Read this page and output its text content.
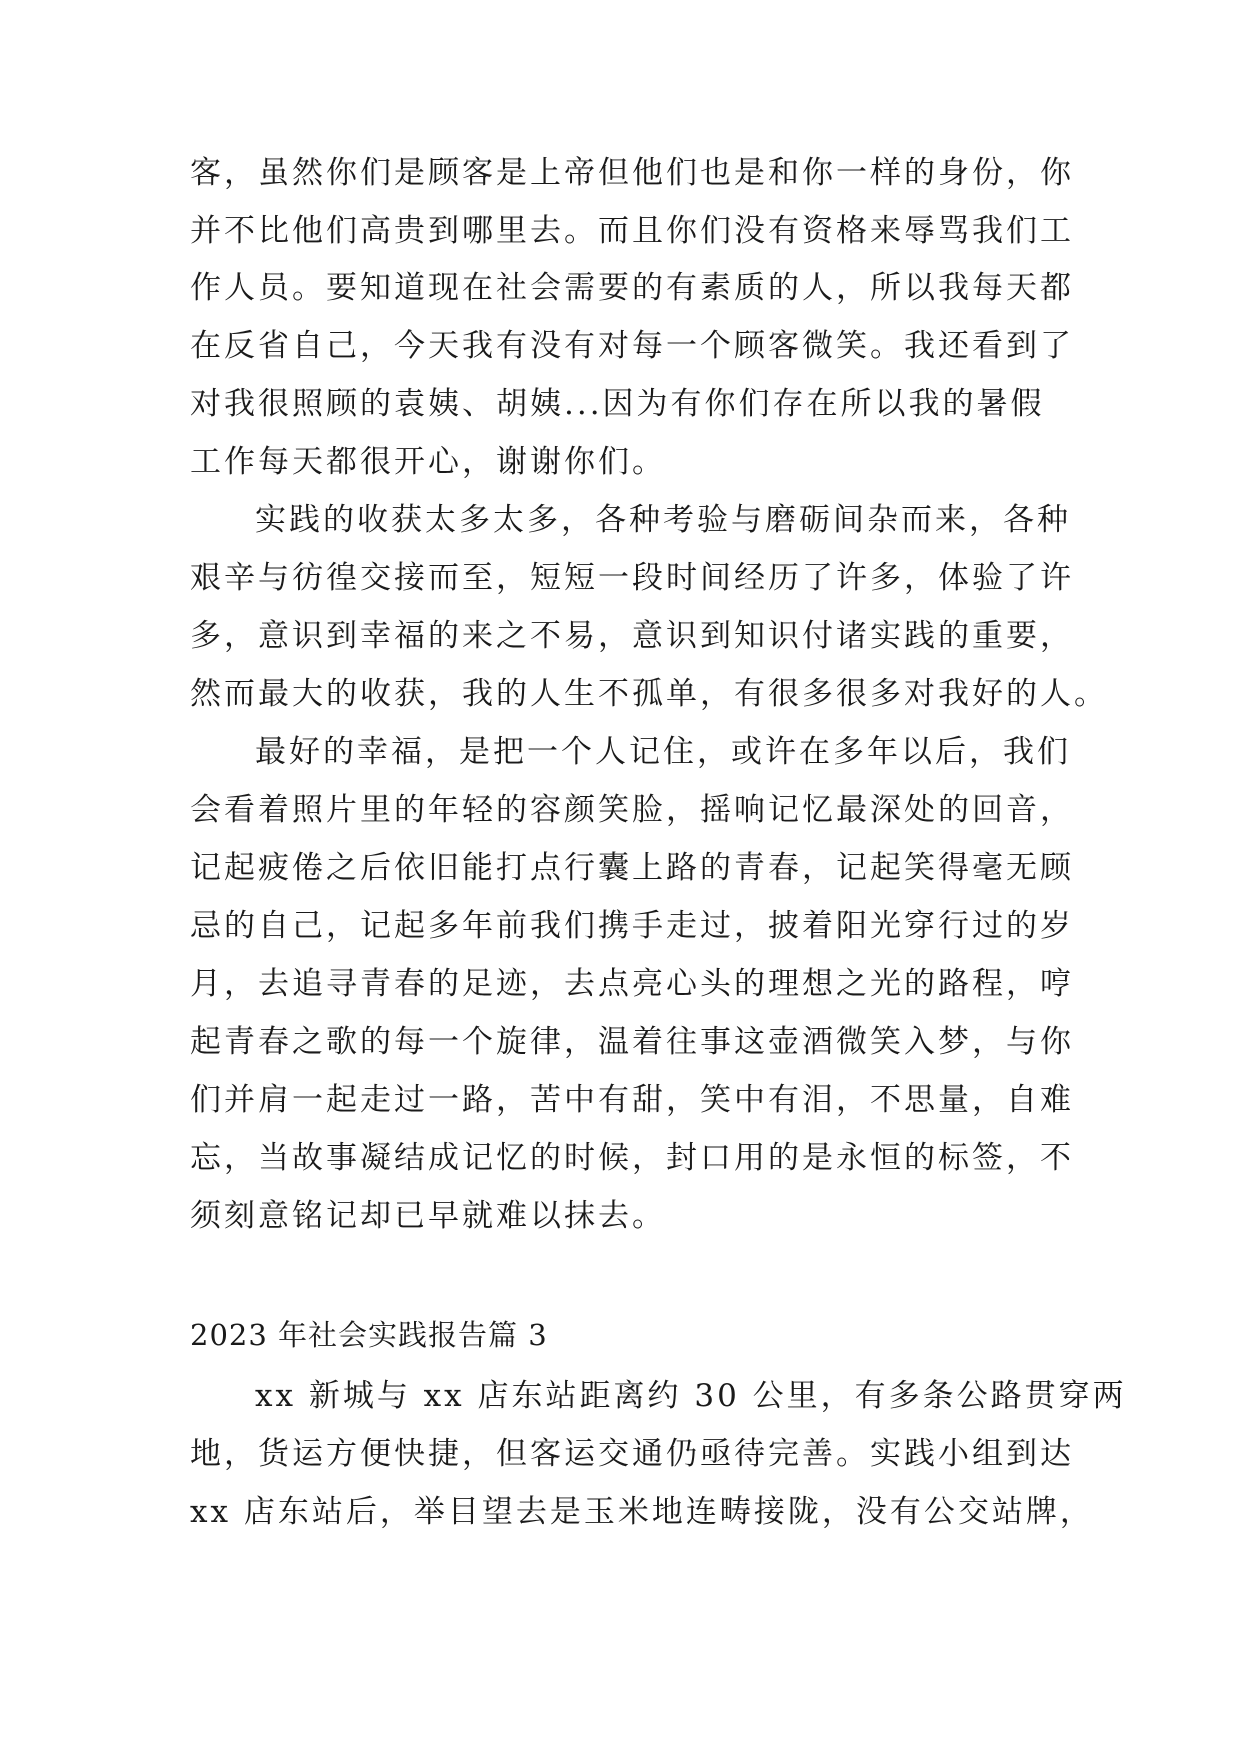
客，虽然你们是顾客是上帝但他们也是和你一样的身份，你
并不比他们高贵到哪里去。而且你们没有资格来辱骂我们工
作人员。要知道现在社会需要的有素质的人，所以我每天都
在反省自己，今天我有没有对每一个顾客微笑。我还看到了
对我很照顾的袁姨、胡姨...因为有你们存在所以我的暑假
工作每天都很开心，谢谢你们。
实践的收获太多太多，各种考验与磨砺间杂而来，各种
艰辛与彷徨交接而至，短短一段时间经历了许多，体验了许
多，意识到幸福的来之不易，意识到知识付诸实践的重要，
然而最大的收获，我的人生不孤单，有很多很多对我好的人。
最好的幸福，是把一个人记住，或许在多年以后，我们
会看着照片里的年轻的容颜笑脸，摇响记忆最深处的回音，
记起疲倦之后依旧能打点行囊上路的青春，记起笑得毫无顾
忌的自己，记起多年前我们携手走过，披着阳光穿行过的岁
月，去追寻青春的足迹，去点亮心头的理想之光的路程，哼
起青春之歌的每一个旋律，温着往事这壶酒微笑入梦，与你
们并肩一起走过一路，苦中有甜，笑中有泪，不思量，自难
忘，当故事凝结成记忆的时候，封口用的是永恒的标签，不
须刻意铭记却已早就难以抹去。
2023 年社会实践报告篇 3
xx 新城与 xx 店东站距离约 30 公里，有多条公路贯穿两
地，货运方便快捷，但客运交通仍亟待完善。实践小组到达
xx 店东站后，举目望去是玉米地连畴接陇，没有公交站牌，
